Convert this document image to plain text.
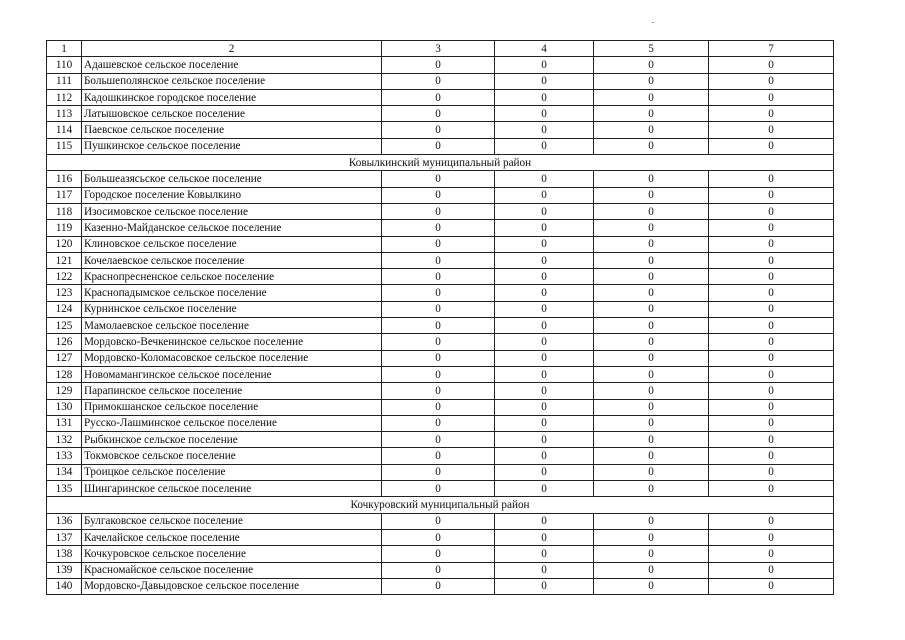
1	2	3	4	5	7
110	Адашевское сельское поселение	0	0	0	0
111	Большеполянское сельское поселение	0	0	0	0
112	Кадошкинское городское поселение	0	0	0	0
113	Латышовское сельское поселение	0	0	0	0
114	Паевское сельское поселение	0	0	0	0
115	Пушкинское сельское поселение	0	0	0	0
Ковылкинский муниципальный район					
116	Большеазясьское сельское поселение	0	0	0	0
117	Городское поселение Ковылкино	0	0	0	0
118	Изосимовское сельское поселение	0	0	0	0
119	Казенно-Майданское сельское поселение	0	0	0	0
120	Клиновское сельское поселение	0	0	0	0
121	Кочелаевское сельское поселение	0	0	0	0
122	Краснопресненское сельское поселение	0	0	0	0
123	Краснопадымское сельское поселение	0	0	0	0
124	Курнинское сельское поселение	0	0	0	0
125	Мамолаевское сельское поселение	0	0	0	0
126	Мордовско-Вечкенинское сельское поселение	0	0	0	0
127	Мордовско-Коломасовское сельское поселение	0	0	0	0
128	Новомамангинское сельское поселение	0	0	0	0
129	Парапинское сельское поселение	0	0	0	0
130	Примокшанское сельское поселение	0	0	0	0
131	Русско-Лашминское сельское поселение	0	0	0	0
132	Рыбкинское сельское поселение	0	0	0	0
133	Токмовское сельское поселение	0	0	0	0
134	Троицкое сельское поселение	0	0	0	0
135	Шингаринское сельское поселение	0	0	0	0
Кочкуровский муниципальный район					
136	Булгаковское сельское поселение	0	0	0	0
137	Качелайское сельское поселение	0	0	0	0
138	Кочкуровское сельское поселение	0	0	0	0
139	Красномайское сельское поселение	0	0	0	0
140	Мордовско-Давыдовское сельское поселение	0	0	0	0
